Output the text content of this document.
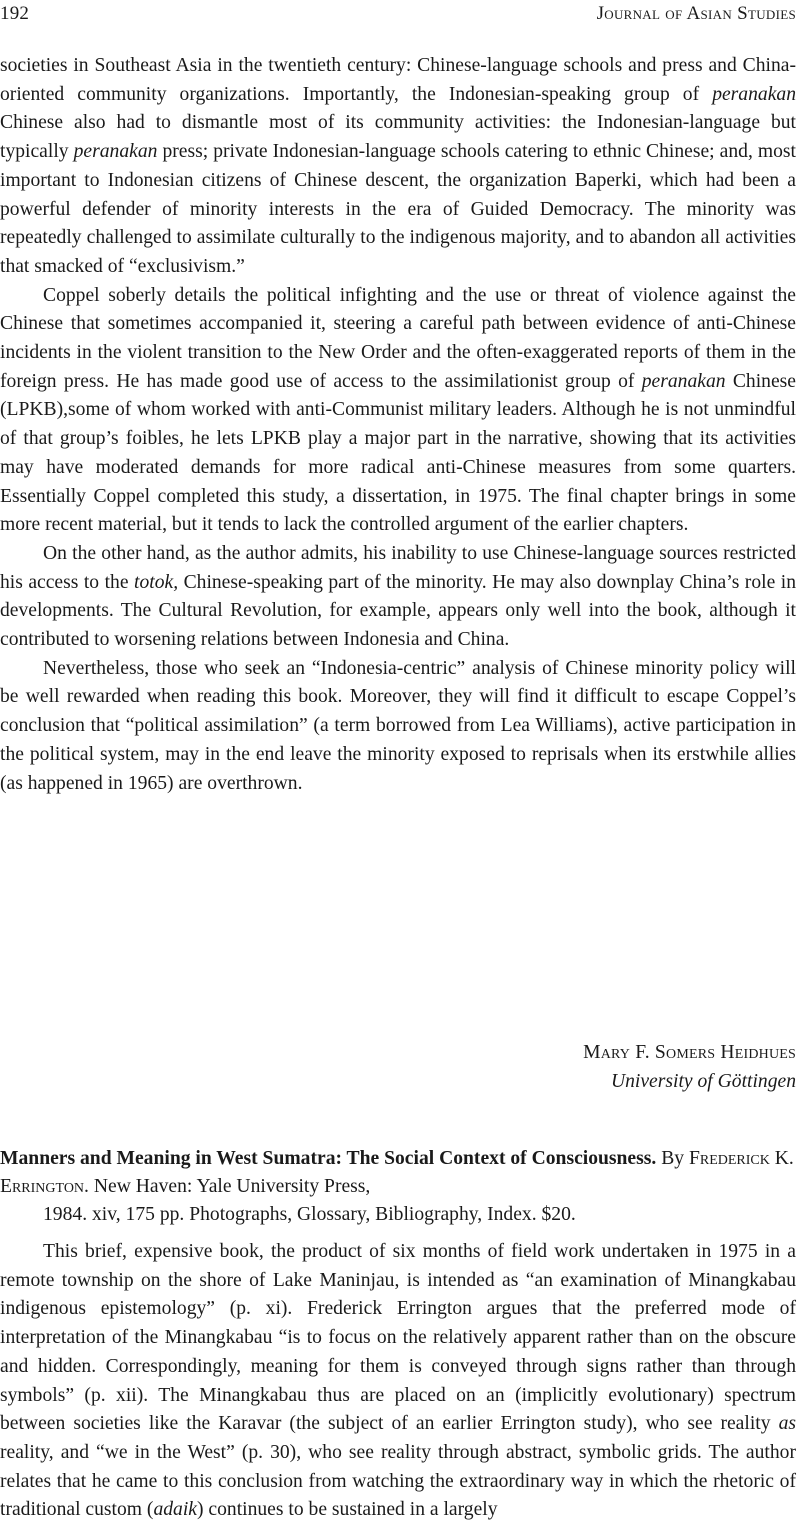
192	Journal of Asian Studies

societies in Southeast Asia in the twentieth century: Chinese-language schools and press and China-oriented community organizations. Importantly, the Indonesian-speaking group of peranakan Chinese also had to dismantle most of its community activities: the Indonesian-language but typically peranakan press; private Indonesian-language schools catering to ethnic Chinese; and, most important to Indonesian citizens of Chinese descent, the organization Baperki, which had been a powerful defender of minority interests in the era of Guided Democracy. The minority was repeatedly challenged to assimilate culturally to the indigenous majority, and to abandon all activities that smacked of “exclusivism.”

Coppel soberly details the political infighting and the use or threat of violence against the Chinese that sometimes accompanied it, steering a careful path between evidence of anti-Chinese incidents in the violent transition to the New Order and the often-exaggerated reports of them in the foreign press. He has made good use of access to the assimilationist group of peranakan Chinese (LPKB),some of whom worked with anti-Communist military leaders. Although he is not unmindful of that group’s foibles, he lets LPKB play a major part in the narrative, showing that its activities may have moderated demands for more radical anti-Chinese measures from some quarters. Essentially Coppel completed this study, a dissertation, in 1975. The final chapter brings in some more recent material, but it tends to lack the controlled argument of the earlier chapters.

On the other hand, as the author admits, his inability to use Chinese-language sources restricted his access to the totok, Chinese-speaking part of the minority. He may also downplay China’s role in developments. The Cultural Revolution, for example, appears only well into the book, although it contributed to worsening relations between Indonesia and China.

Nevertheless, those who seek an “Indonesia-centric” analysis of Chinese minority policy will be well rewarded when reading this book. Moreover, they will find it difficult to escape Coppel’s conclusion that “political assimilation” (a term borrowed from Lea Williams), active participation in the political system, may in the end leave the minority exposed to reprisals when its erstwhile allies (as happened in 1965) are overthrown.

Mary F. Somers Heidhues
University of Göttingen
Manners and Meaning in West Sumatra: The Social Context of Consciousness. By Frederick K. Errington. New Haven: Yale University Press,
1984. xiv, 175 pp. Photographs, Glossary, Bibliography, Index. $20.

This brief, expensive book, the product of six months of field work undertaken in 1975 in a remote township on the shore of Lake Maninjau, is intended as “an examination of Minangkabau indigenous epistemology” (p. xi). Frederick Errington argues that the preferred mode of interpretation of the Minangkabau “is to focus on the relatively apparent rather than on the obscure and hidden. Correspondingly, meaning for them is conveyed through signs rather than through symbols” (p. xii). The Minangkabau thus are placed on an (implicitly evolutionary) spectrum between societies like the Karavar (the subject of an earlier Errington study), who see reality as reality, and “we in the West” (p. 30), who see reality through abstract, symbolic grids. The author relates that he came to this conclusion from watching the extraordinary way in which the rhetoric of traditional custom (adaik) continues to be sustained in a largely
